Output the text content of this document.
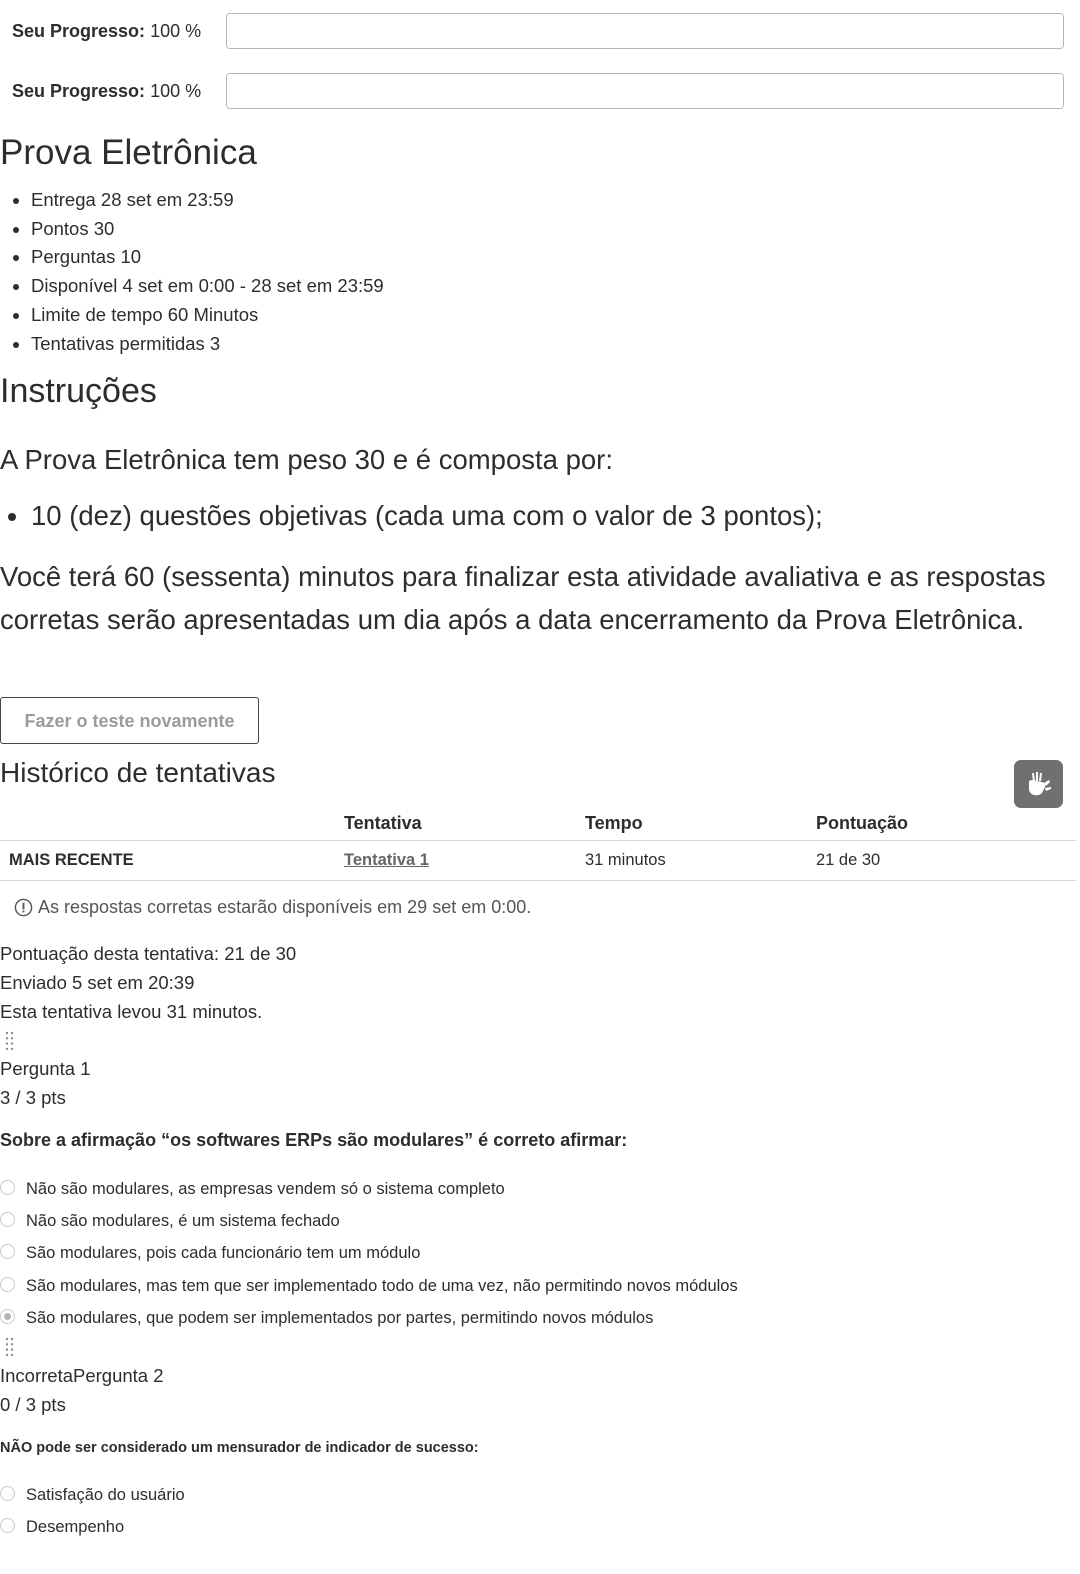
Seu Progresso: 100 %
Seu Progresso: 100 %
Prova Eletrônica
• Entrega 28 set em 23:59
• Pontos 30
• Perguntas 10
• Disponível 4 set em 0:00 - 28 set em 23:59
• Limite de tempo 60 Minutos
• Tentativas permitidas 3
Instruções

A Prova Eletrônica tem peso 30 e é composta por:

• 10 (dez) questões objetivas (cada uma com o valor de 3 pontos);

Você terá 60 (sessenta) minutos para finalizar esta atividade avaliativa e as respostas corretas serão apresentadas um dia após a data encerramento da Prova Eletrônica.

Fazer o teste novamente
Histórico de tentativas
	Tentativa	Tempo	Pontuação
MAIS RECENTE	Tentativa 1	31 minutos	21 de 30
As respostas corretas estarão disponíveis em 29 set em 0:00.
Pontuação desta tentativa: 21 de 30
Enviado 5 set em 20:39
Esta tentativa levou 31 minutos.
Pergunta 1
3 / 3 pts

Sobre a afirmação “os softwares ERPs são modulares” é correto afirmar:

Não são modulares, as empresas vendem só o sistema completo
Não são modulares, é um sistema fechado
São modulares, pois cada funcionário tem um módulo
São modulares, mas tem que ser implementado todo de uma vez, não permitindo novos módulos
São modulares, que podem ser implementados por partes, permitindo novos módulos
IncorretaPergunta 2
0 / 3 pts

NÃO pode ser considerado um mensurador de indicador de sucesso:

Satisfação do usuário
Desempenho
